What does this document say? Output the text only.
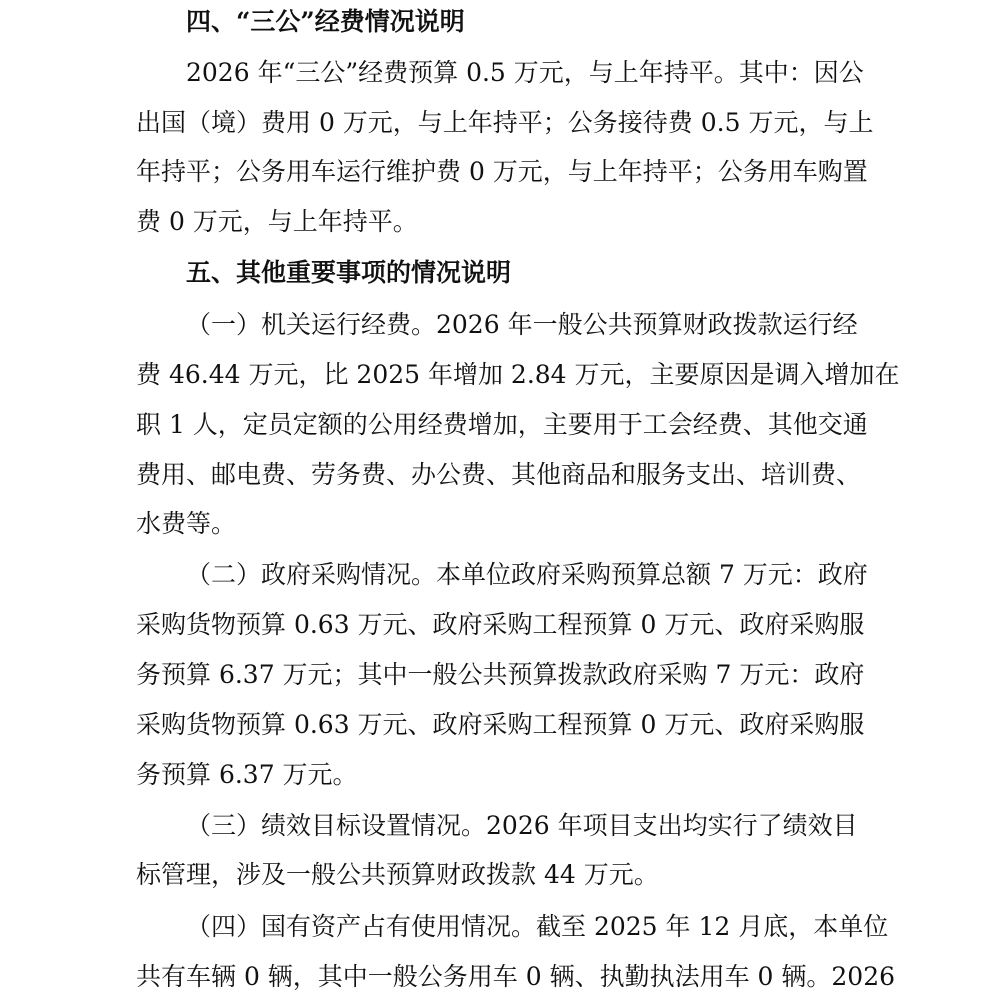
四、“三公”经费情况说明
2026 年“三公”经费预算 0.5 万元，与上年持平。其中：因公
出国（境）费用 0 万元，与上年持平；公务接待费 0.5 万元，与上
年持平；公务用车运行维护费 0 万元，与上年持平；公务用车购置
费 0 万元，与上年持平。
五、其他重要事项的情况说明
（一）机关运行经费。2026 年一般公共预算财政拨款运行经
费 46.44 万元，比 2025 年增加 2.84 万元，主要原因是调入增加在
职 1 人，定员定额的公用经费增加，主要用于工会经费、其他交通
费用、邮电费、劳务费、办公费、其他商品和服务支出、培训费、
水费等。
（二）政府采购情况。本单位政府采购预算总额 7 万元：政府
采购货物预算 0.63 万元、政府采购工程预算 0 万元、政府采购服
务预算 6.37 万元；其中一般公共预算拨款政府采购 7 万元：政府
采购货物预算 0.63 万元、政府采购工程预算 0 万元、政府采购服
务预算 6.37 万元。
（三）绩效目标设置情况。2026 年项目支出均实行了绩效目
标管理，涉及一般公共预算财政拨款 44 万元。
（四）国有资产占有使用情况。截至 2025 年 12 月底，本单位
共有车辆 0 辆，其中一般公务用车 0 辆、执勤执法用车 0 辆。2026
